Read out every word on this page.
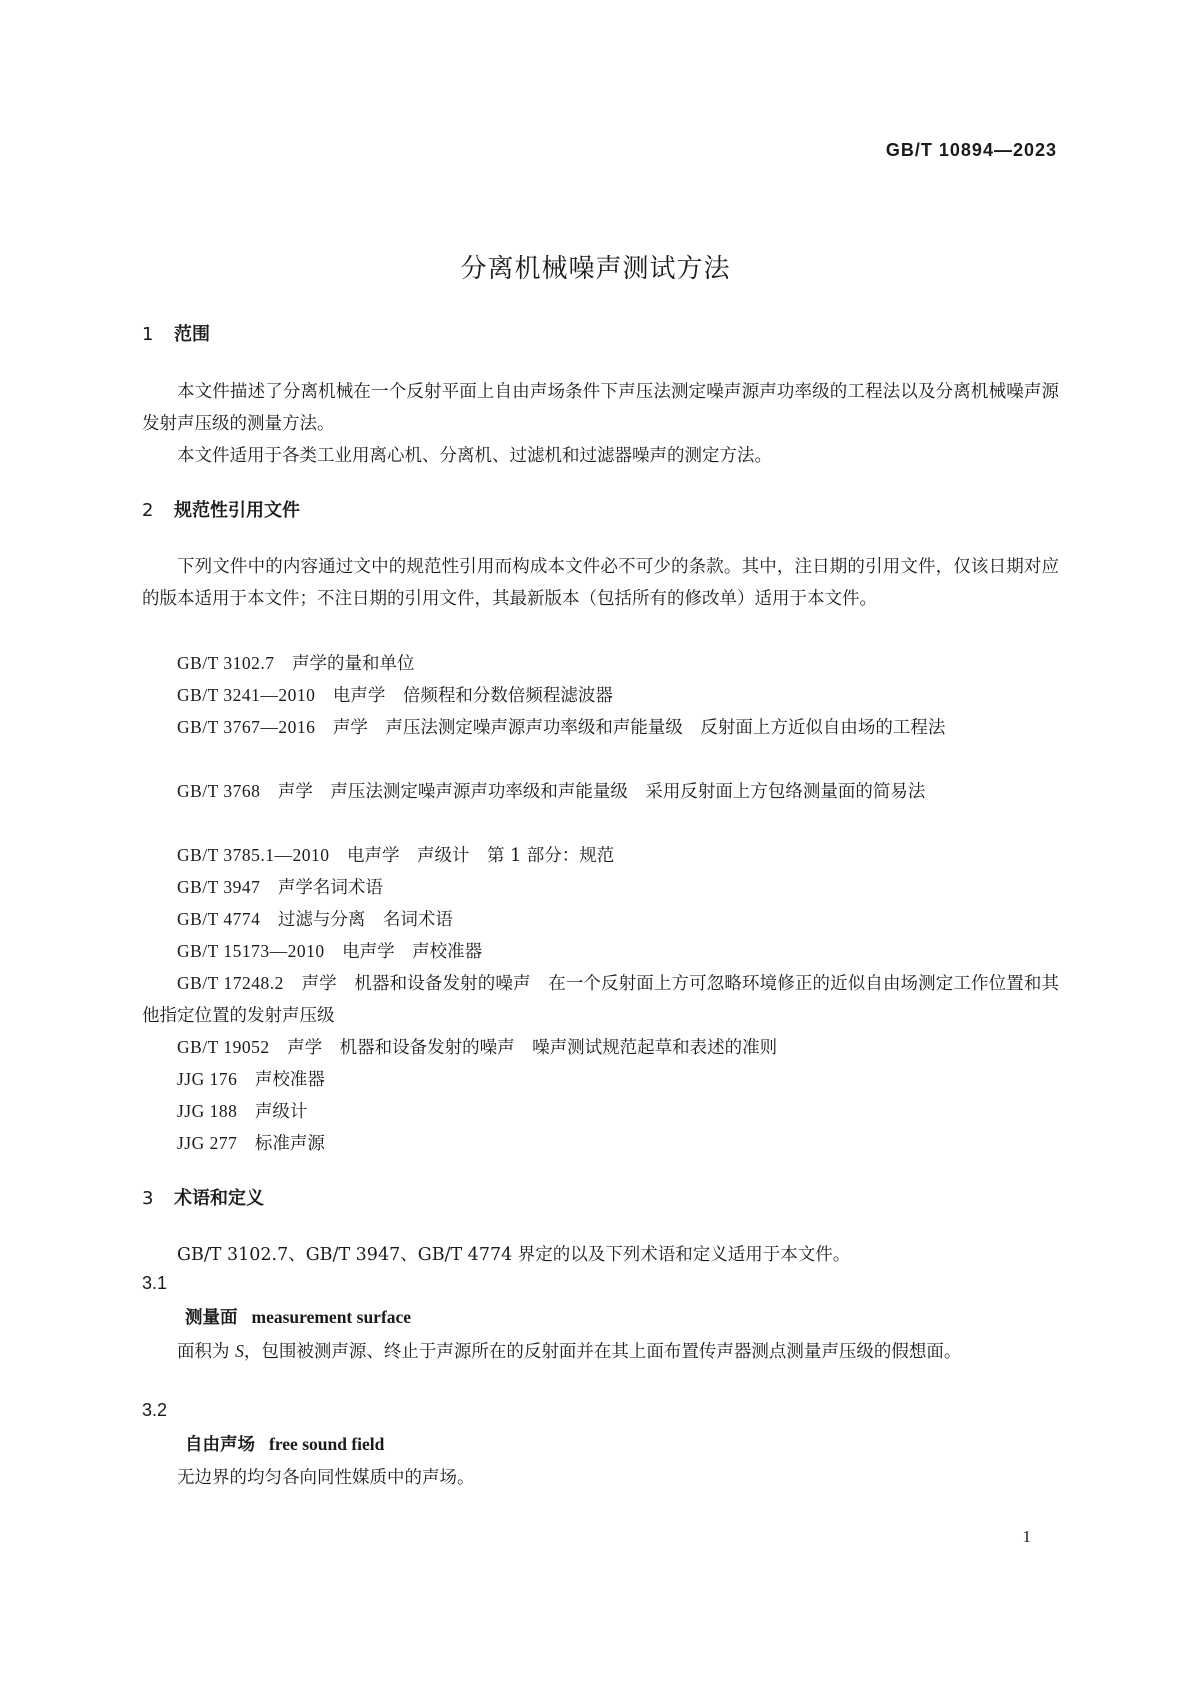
GB/T 10894—2023
分离机械噪声测试方法
1 范围

本文件描述了分离机械在一个反射平面上自由声场条件下声压法测定噪声源声功率级的工程法以及分离机械噪声源发射声压级的测量方法。

本文件适用于各类工业用离心机、分离机、过滤机和过滤器噪声的测定方法。

2 规范性引用文件

下列文件中的内容通过文中的规范性引用而构成本文件必不可少的条款。其中，注日期的引用文件，仅该日期对应的版本适用于本文件；不注日期的引用文件，其最新版本（包括所有的修改单）适用于本文件。

GB/T 3102.7 声学的量和单位
GB/T 3241—2010 电声学　倍频程和分数倍频程滤波器
GB/T 3767—2016 声学　声压法测定噪声源声功率级和声能量级　反射面上方近似自由场的工程法
GB/T 3768 声学　声压法测定噪声源声功率级和声能量级　采用反射面上方包络测量面的简易法
GB/T 3785.1—2010 电声学　声级计　第 1 部分：规范
GB/T 3947 声学名词术语
GB/T 4774 过滤与分离　名词术语
GB/T 15173—2010 电声学　声校准器
GB/T 17248.2 声学　机器和设备发射的噪声　在一个反射面上方可忽略环境修正的近似自由场测定工作位置和其他指定位置的发射声压级
GB/T 19052 声学　机器和设备发射的噪声　噪声测试规范起草和表述的准则
JJG 176 声校准器
JJG 188 声级计
JJG 277 标准声源
3 术语和定义

GB/T 3102.7、GB/T 3947、GB/T 4774 界定的以及下列术语和定义适用于本文件。

3.1
测量面 measurement surface

面积为 S，包围被测声源、终止于声源所在的反射面并在其上面布置传声器测点测量声压级的假想面。

3.2
自由声场 free sound field

无边界的均匀各向同性媒质中的声场。

1
